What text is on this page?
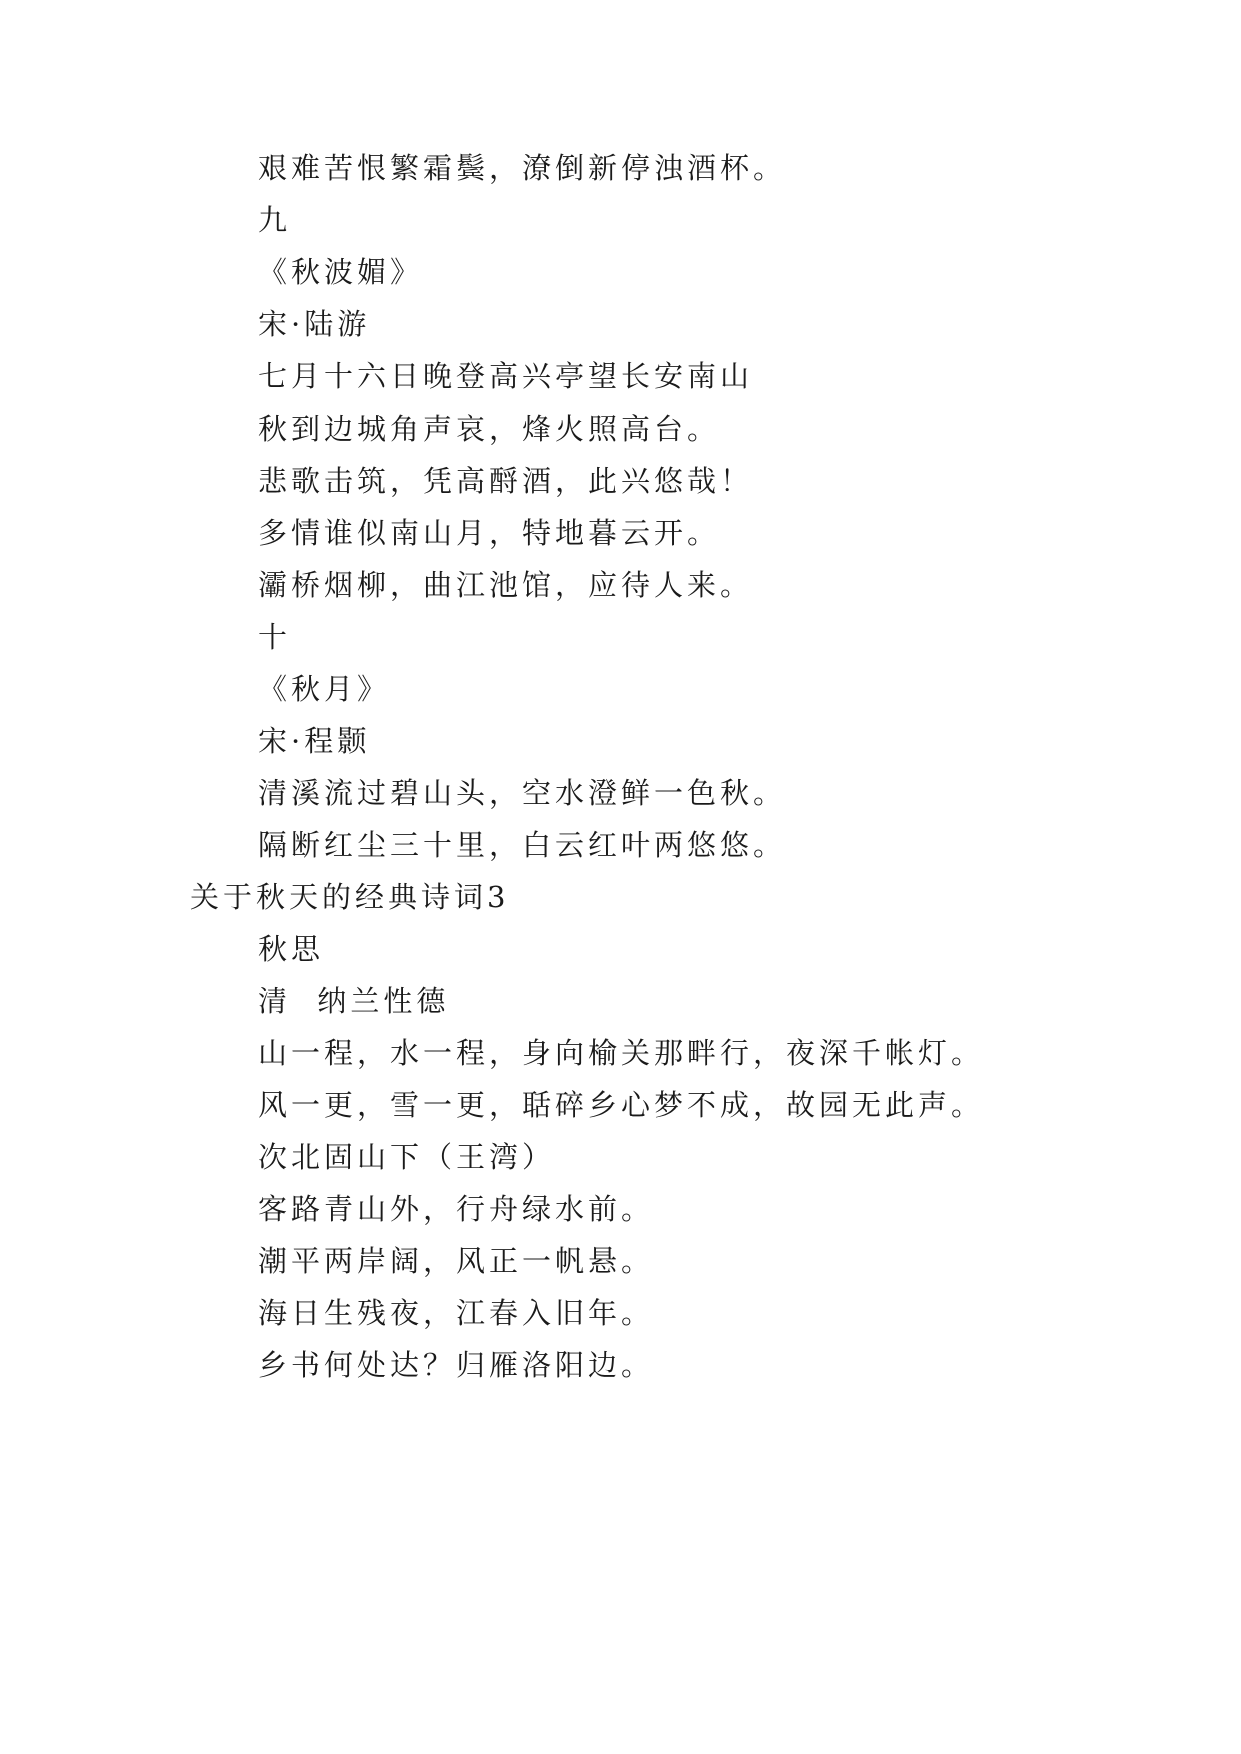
艰难苦恨繁霜鬓，潦倒新停浊酒杯。
九
《秋波媚》
宋·陆游
七月十六日晚登高兴亭望长安南山
秋到边城角声哀，烽火照高台。
悲歌击筑，凭高酹酒，此兴悠哉！
多情谁似南山月，特地暮云开。
灞桥烟柳，曲江池馆，应待人来。
十
《秋月》
宋·程颢
清溪流过碧山头，空水澄鲜一色秋。
隔断红尘三十里，白云红叶两悠悠。
关于秋天的经典诗词3
秋思
清  纳兰性德
山一程，水一程，身向榆关那畔行，夜深千帐灯。
风一更，雪一更，聒碎乡心梦不成，故园无此声。
次北固山下（王湾）
客路青山外，行舟绿水前。
潮平两岸阔，风正一帆悬。
海日生残夜，江春入旧年。
乡书何处达？归雁洛阳边。
